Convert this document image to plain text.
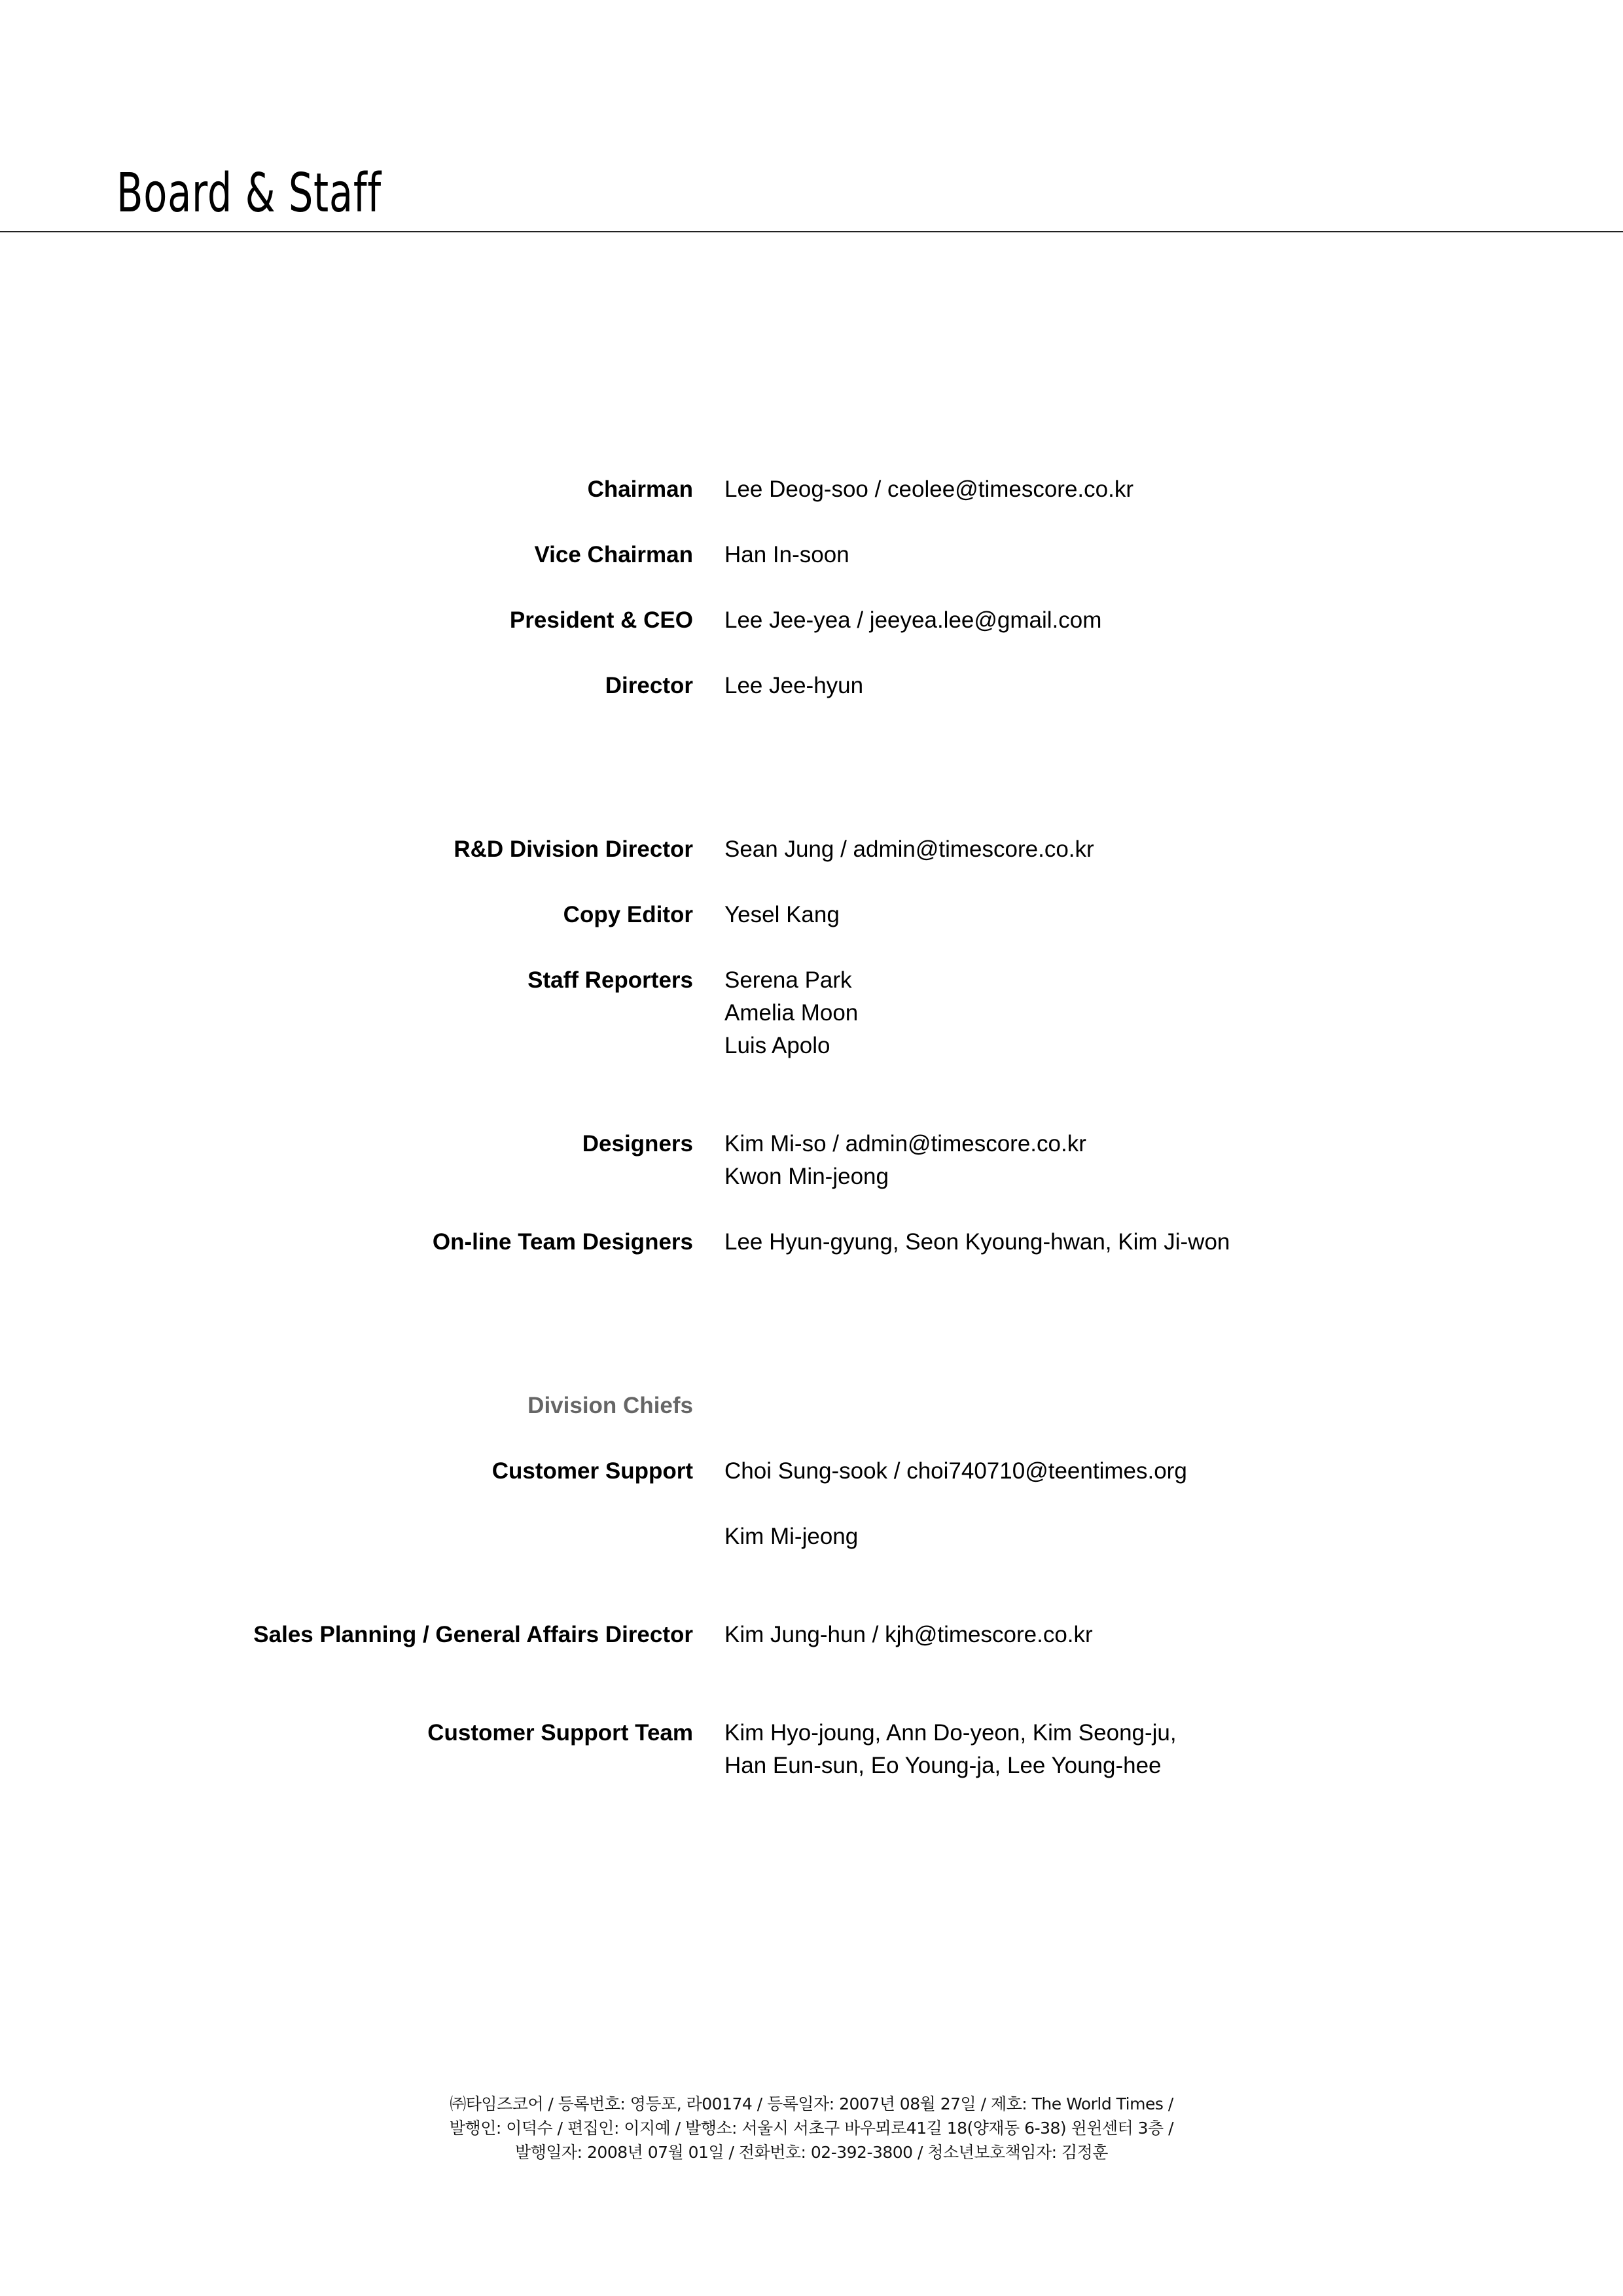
Board & Staff
Chairman Lee Deog-soo / ceolee@timescore.co.kr
Vice Chairman Han In-soon
President & CEO Lee Jee-yea / jeeyea.lee@gmail.com
Director Lee Jee-hyun
R&D Division Director Sean Jung / admin@timescore.co.kr
Copy Editor Yesel Kang
Staff Reporters Serena Park
Amelia Moon
Luis Apolo
Designers Kim Mi-so / admin@timescore.co.kr
Kwon Min-jeong
On-line Team Designers Lee Hyun-gyung, Seon Kyoung-hwan, Kim Ji-won
Division Chiefs
Customer Support Choi Sung-sook / choi740710@teentimes.org
Kim Mi-jeong
Sales Planning / General Affairs Director Kim Jung-hun / kjh@timescore.co.kr
Customer Support Team Kim Hyo-joung, Ann Do-yeon, Kim Seong-ju,
Han Eun-sun, Eo Young-ja, Lee Young-hee
㈜타임즈코어 / 등록번호: 영등포, 라00174 / 등록일자: 2007년 08월 27일 / 제호: The World Times /
발행인: 이덕수 / 편집인: 이지예 / 발행소: 서울시 서초구 바우뫼로41길 18(양재동 6-38) 윈윈센터 3층 /
발행일자: 2008년 07월 01일 / 전화번호: 02-392-3800 / 청소년보호책임자: 김정훈
